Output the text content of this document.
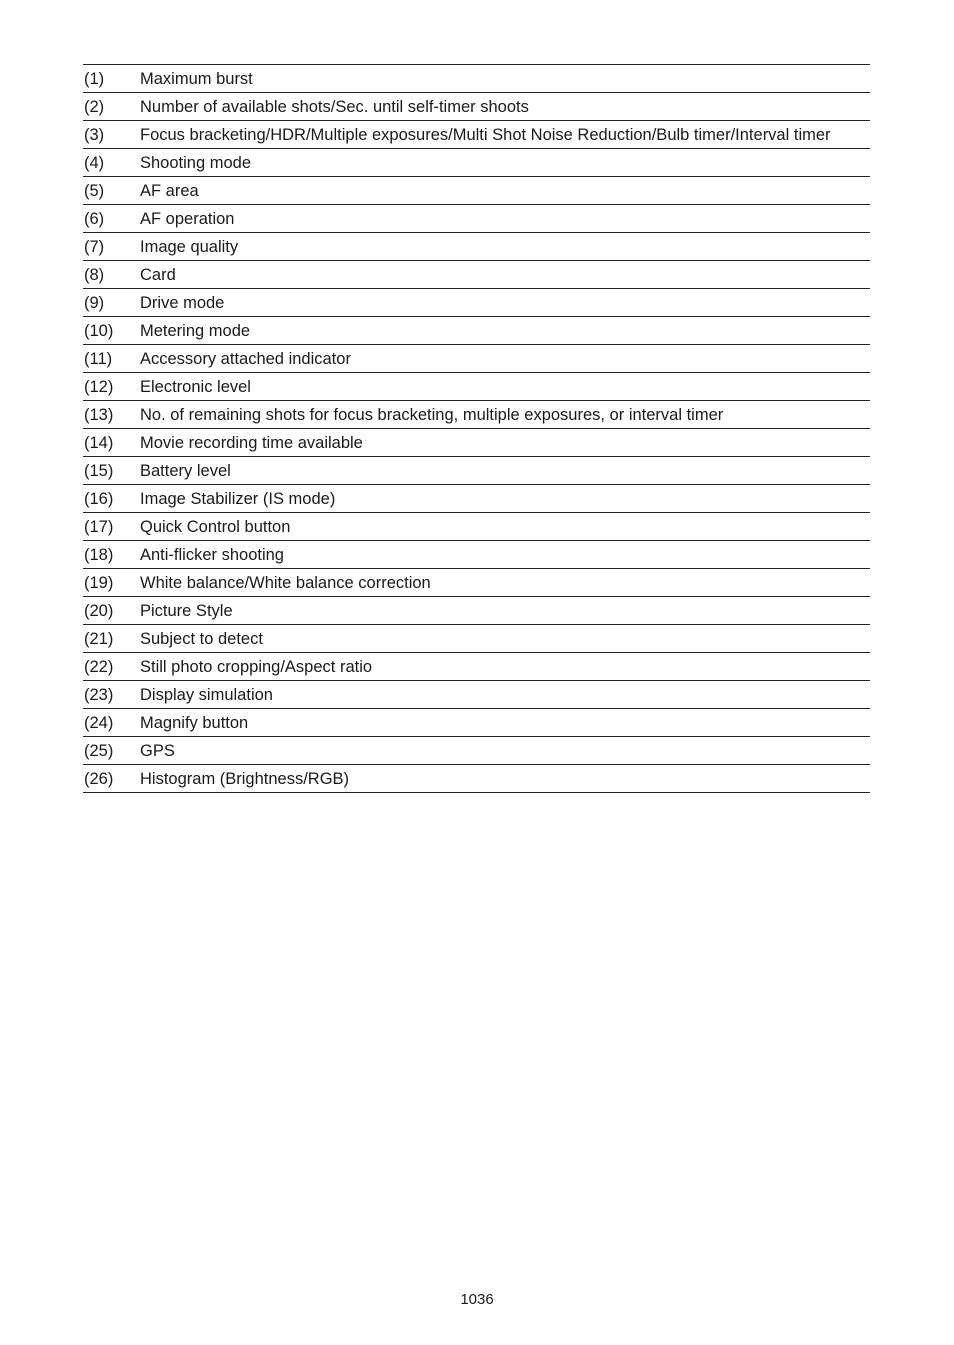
(1) Maximum burst
(2) Number of available shots/Sec. until self-timer shoots
(3) Focus bracketing/HDR/Multiple exposures/Multi Shot Noise Reduction/Bulb timer/Interval timer
(4) Shooting mode
(5) AF area
(6) AF operation
(7) Image quality
(8) Card
(9) Drive mode
(10) Metering mode
(11) Accessory attached indicator
(12) Electronic level
(13) No. of remaining shots for focus bracketing, multiple exposures, or interval timer
(14) Movie recording time available
(15) Battery level
(16) Image Stabilizer (IS mode)
(17) Quick Control button
(18) Anti-flicker shooting
(19) White balance/White balance correction
(20) Picture Style
(21) Subject to detect
(22) Still photo cropping/Aspect ratio
(23) Display simulation
(24) Magnify button
(25) GPS
(26) Histogram (Brightness/RGB)
1036
